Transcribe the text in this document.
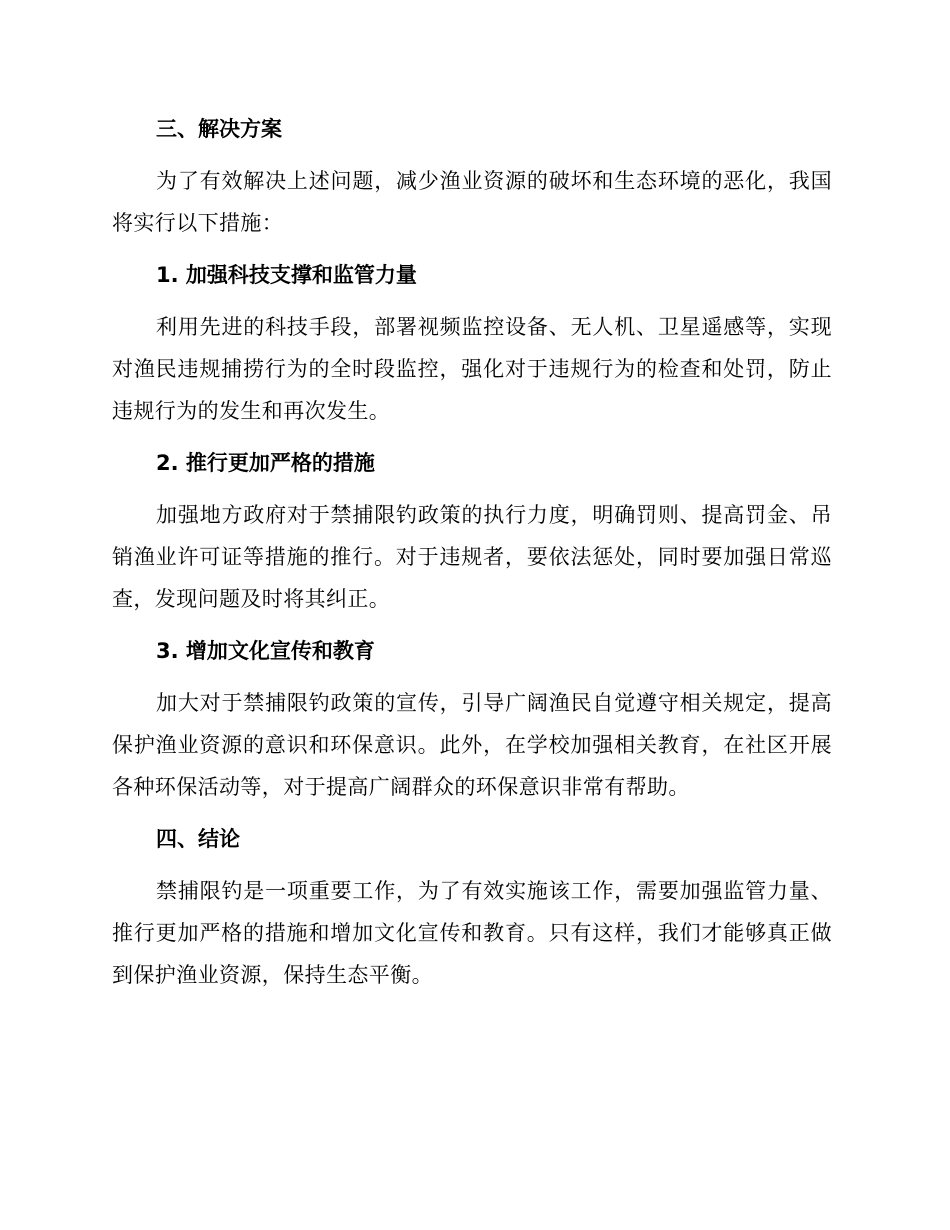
三、解决方案

为了有效解决上述问题，减少渔业资源的破坏和生态环境的恶化，我国将实行以下措施：

1. 加强科技支撑和监管力量

利用先进的科技手段，部署视频监控设备、无人机、卫星遥感等，实现对渔民违规捕捞行为的全时段监控，强化对于违规行为的检查和处罚，防止违规行为的发生和再次发生。

2. 推行更加严格的措施

加强地方政府对于禁捕限钓政策的执行力度，明确罚则、提高罚金、吊销渔业许可证等措施的推行。对于违规者，要依法惩处，同时要加强日常巡查，发现问题及时将其纠正。

3. 增加文化宣传和教育

加大对于禁捕限钓政策的宣传，引导广阔渔民自觉遵守相关规定，提高保护渔业资源的意识和环保意识。此外，在学校加强相关教育，在社区开展各种环保活动等，对于提高广阔群众的环保意识非常有帮助。

四、结论

禁捕限钓是一项重要工作，为了有效实施该工作，需要加强监管力量、推行更加严格的措施和增加文化宣传和教育。只有这样，我们才能够真正做到保护渔业资源，保持生态平衡。
